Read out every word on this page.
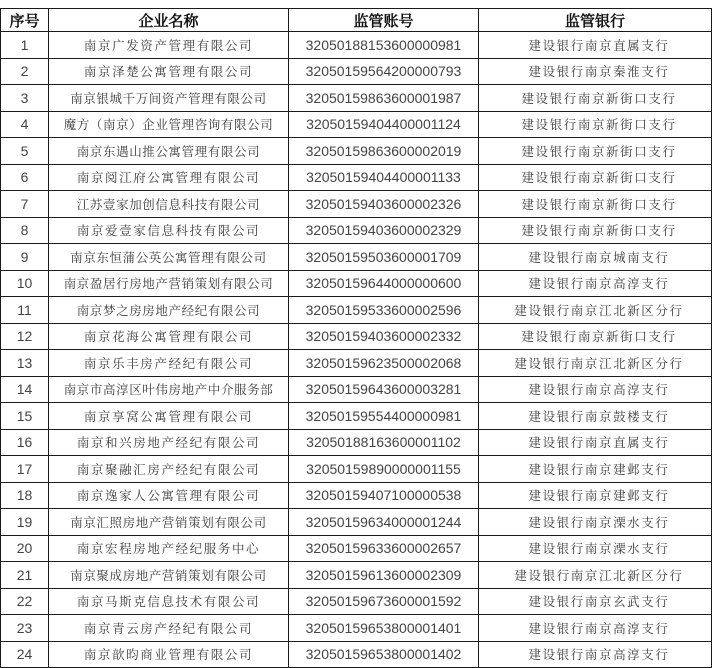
序号	企业名称	监管账号	监管银行
1	南京广发资产管理有限公司	32050188153600000981	建设银行南京直属支行
2	南京泽楚公寓管理有限公司	32050159564200000793	建设银行南京秦淮支行
3	南京银城千万间资产管理有限公司	32050159863600001987	建设银行南京新街口支行
4	魔方（南京）企业管理咨询有限公司	32050159404400001124	建设银行南京新街口支行
5	南京东遇山推公寓管理有限公司	32050159863600002019	建设银行南京新街口支行
6	南京阅江府公寓管理有限公司	32050159404400001133	建设银行南京新街口支行
7	江苏壹家加创信息科技有限公司	32050159403600002326	建设银行南京新街口支行
8	南京爱壹家信息科技有限公司	32050159403600002329	建设银行南京新街口支行
9	南京东恒蒲公英公寓管理有限公司	32050159503600001709	建设银行南京城南支行
10	南京盈居行房地产营销策划有限公司	32050159644000000600	建设银行南京高淳支行
11	南京梦之房房地产经纪有限公司	32050159533600002596	建设银行南京江北新区分行
12	南京花海公寓管理有限公司	32050159403600002332	建设银行南京新街口支行
13	南京乐丰房产经纪有限公司	32050159623500002068	建设银行南京江北新区分行
14	南京市高淳区叶伟房地产中介服务部	32050159643600003281	建设银行南京高淳支行
15	南京享窝公寓管理有限公司	32050159554400000981	建设银行南京鼓楼支行
16	南京和兴房地产经纪有限公司	32050188163600001102	建设银行南京直属支行
17	南京聚融汇房产经纪有限公司	32050159890000001155	建设银行南京建邺支行
18	南京逸家人公寓管理有限公司	32050159407100000538	建设银行南京建邺支行
19	南京汇照房地产营销策划有限公司	32050159634000001244	建设银行南京溧水支行
20	南京宏程房地产经纪服务中心	32050159633600002657	建设银行南京溧水支行
21	南京聚成房地产营销策划有限公司	32050159613600002309	建设银行南京江北新区分行
22	南京马斯克信息技术有限公司	32050159673600001592	建设银行南京玄武支行
23	南京青云房产经纪有限公司	32050159653800001401	建设银行南京高淳支行
24	南京歆昀商业管理有限公司	32050159653800001402	建设银行南京高淳支行
